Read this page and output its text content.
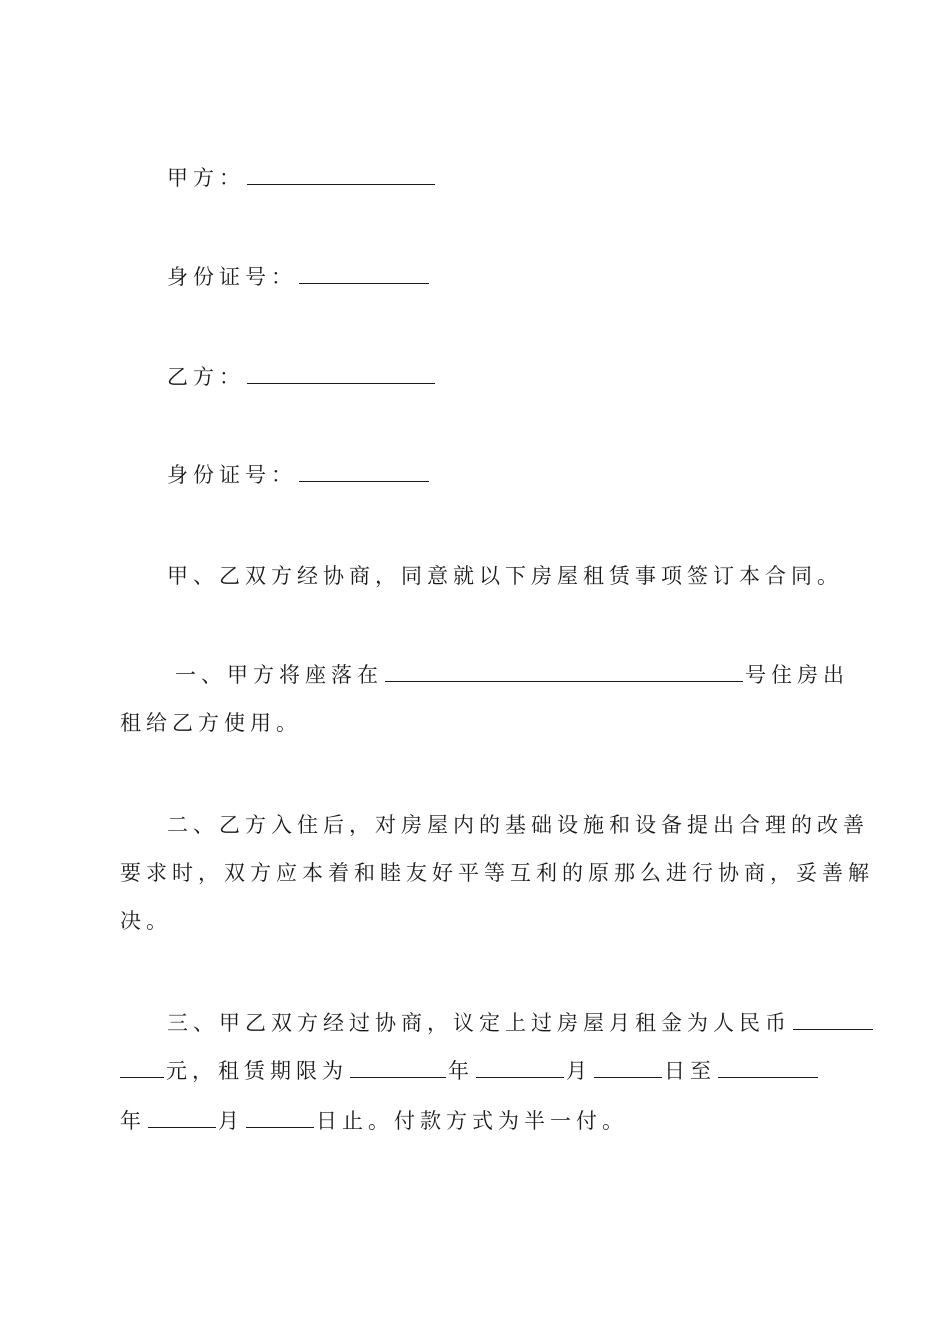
甲方：
身份证号：
乙方：
身份证号：
甲、乙双方经协商，同意就以下房屋租赁事项签订本合同。
一、甲方将座落在	号住房出
租给乙方使用。
二、乙方入住后，对房屋内的基础设施和设备提出合理的改善
要求时，双方应本着和睦友好平等互利的原那么进行协商，妥善解
决。
三、甲乙双方经过协商，议定上过房屋月租金为人民币
元，租赁期限为	年	月	日至
年	月	日止。付款方式为半一付。
